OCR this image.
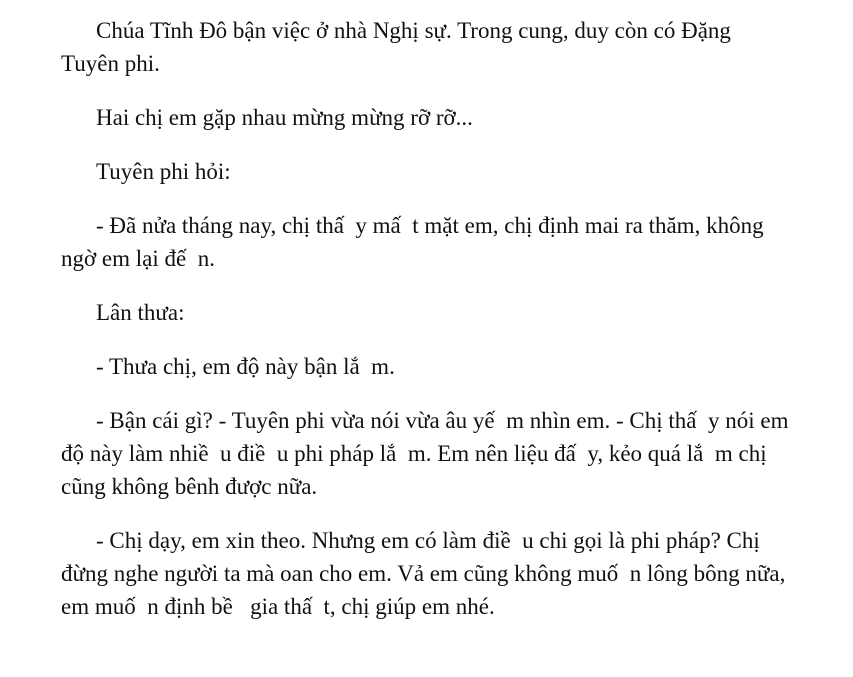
Chúa Tĩnh Đô bận việc ở nhà Nghị sự. Trong cung, duy còn có Đặng Tuyên phi.

Hai chị em gặp nhau mừng mừng rỡ rỡ...

Tuyên phi hỏi:

- Đã nửa tháng nay, chị thấ  y mấ  t mặt em, chị định mai ra thăm, không ngờ em lại đế  n.

Lân thưa:

- Thưa chị, em độ này bận lắ  m.

- Bận cái gì? - Tuyên phi vừa nói vừa âu yế  m nhìn em. - Chị thấ  y nói em độ này làm nhiề  u điề  u phi pháp lắ  m. Em nên liệu đấ  y, kẻo quá lắ  m chị cũng không bênh được nữa.

- Chị dạy, em xin theo. Nhưng em có làm điề  u chi gọi là phi pháp? Chị đừng nghe người ta mà oan cho em. Vả em cũng không muố  n lông bông nữa, em muố  n định bề   gia thấ  t, chị giúp em nhé.
